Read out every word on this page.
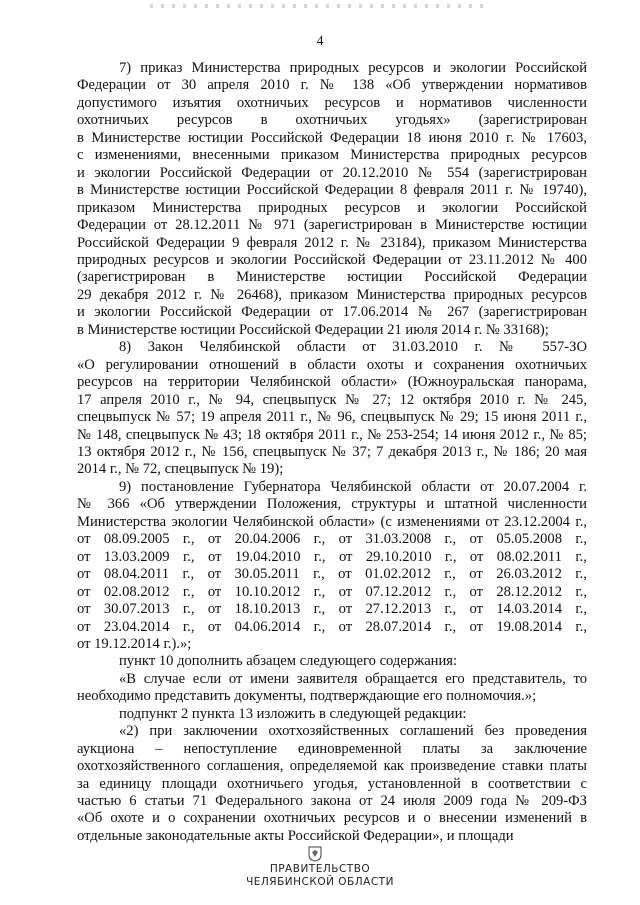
4

7) приказ Министерства природных ресурсов и экологии Российской

Федерации от 30 апреля 2010 г. № 138 «Об утверждении нормативов

допустимого изъятия охотничьих ресурсов и нормативов численности

охотничьих ресурсов в охотничьих угодьях» (зарегистрирован

в Министерстве юстиции Российской Федерации 18 июня 2010 г. № 17603,

с изменениями, внесенными приказом Министерства природных ресурсов

и экологии Российской Федерации от 20.12.2010 № 554 (зарегистрирован

в Министерстве юстиции Российской Федерации 8 февраля 2011 г. № 19740),

приказом Министерства природных ресурсов и экологии Российской

Федерации от 28.12.2011 № 971 (зарегистрирован в Министерстве юстиции

Российской Федерации 9 февраля 2012 г. № 23184), приказом Министерства

природных ресурсов и экологии Российской Федерации от 23.11.2012 № 400

(зарегистрирован в Министерстве юстиции Российской Федерации

29 декабря 2012 г. № 26468), приказом Министерства природных ресурсов

и экологии Российской Федерации от 17.06.2014 № 267 (зарегистрирован

в Министерстве юстиции Российской Федерации 21 июля 2014 г. № 33168);

8) Закон Челябинской области от 31.03.2010 г. № 557-ЗО

«О регулировании отношений в области охоты и сохранения охотничьих

ресурсов на территории Челябинской области» (Южноуральская панорама,

17 апреля 2010 г., № 94, спецвыпуск № 27; 12 октября 2010 г. № 245,

спецвыпуск № 57; 19 апреля 2011 г., № 96, спецвыпуск № 29; 15 июня 2011 г.,

№ 148, спецвыпуск № 43; 18 октября 2011 г., № 253-254; 14 июня 2012 г., № 85;

13 октября 2012 г., № 156, спецвыпуск № 37; 7 декабря 2013 г., № 186; 20 мая

2014 г., № 72, спецвыпуск № 19);

9) постановление Губернатора Челябинской области от 20.07.2004 г.

№ 366 «Об утверждении Положения, структуры и штатной численности

Министерства экологии Челябинской области» (с изменениями от 23.12.2004 г.,

от 08.09.2005 г., от 20.04.2006 г., от 31.03.2008 г., от 05.05.2008 г.,
от 13.03.2009 г., от 19.04.2010 г., от 29.10.2010 г., от 08.02.2011 г.,
от 08.04.2011 г., от 30.05.2011 г., от 01.02.2012 г., от 26.03.2012 г.,
от 02.08.2012 г., от 10.10.2012 г., от 07.12.2012 г., от 28.12.2012 г.,
от 30.07.2013 г., от 18.10.2013 г., от 27.12.2013 г., от 14.03.2014 г.,
от 23.04.2014 г., от 04.06.2014 г., от 28.07.2014 г., от 19.08.2014 г.,

от 19.12.2014 г.).»;

пункт 10 дополнить абзацем следующего содержания:

«В случае если от имени заявителя обращается его представитель, то

необходимо представить документы, подтверждающие его полномочия.»;

подпункт 2 пункта 13 изложить в следующей редакции:

«2) при заключении охотхозяйственных соглашений без проведения

аукциона – непоступление единовременной платы за заключение

охотхозяйственного соглашения, определяемой как произведение ставки платы

за единицу площади охотничьего угодья, установленной в соответствии с

частью 6 статьи 71 Федерального закона от 24 июля 2009 года № 209-ФЗ

«Об охоте и о сохранении охотничьих ресурсов и о внесении изменений в

отдельные законодательные акты Российской Федерации», и площади

ПРАВИТЕЛЬСТВО
ЧЕЛЯБИНСКОЙ ОБЛАСТИ
